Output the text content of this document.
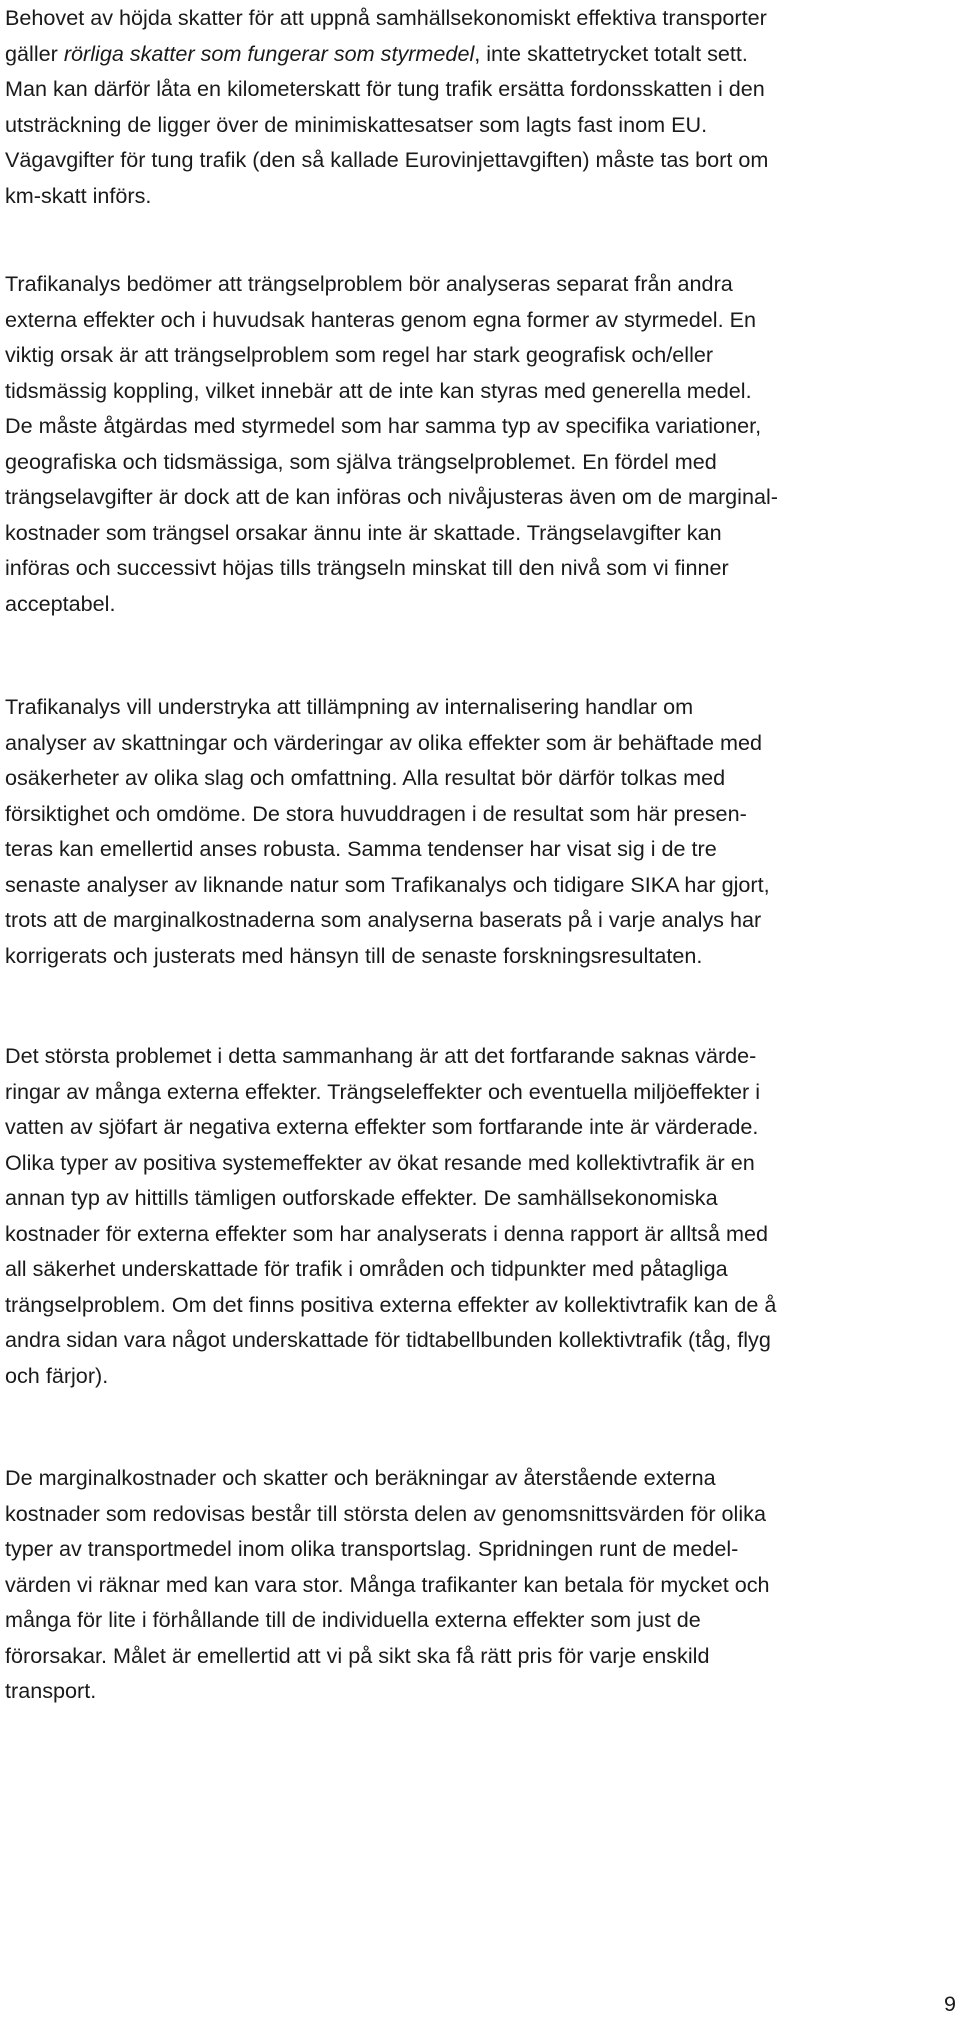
Behovet av höjda skatter för att uppnå samhällsekonomiskt effektiva transporter
gäller rörliga skatter som fungerar som styrmedel, inte skattetrycket totalt sett.
Man kan därför låta en kilometerskatt för tung trafik ersätta fordonsskatten i den
utsträckning de ligger över de minimiskattesatser som lagts fast inom EU.
Vägavgifter för tung trafik (den så kallade Eurovinjettavgiften) måste tas bort om
km-skatt införs.

Trafikanalys bedömer att trängselproblem bör analyseras separat från andra
externa effekter och i huvudsak hanteras genom egna former av styrmedel. En
viktig orsak är att trängselproblem som regel har stark geografisk och/eller
tidsmässig koppling, vilket innebär att de inte kan styras med generella medel.
De måste åtgärdas med styrmedel som har samma typ av specifika variationer,
geografiska och tidsmässiga, som själva trängselproblemet. En fördel med
trängselavgifter är dock att de kan införas och nivåjusteras även om de marginal-
kostnader som trängsel orsakar ännu inte är skattade. Trängselavgifter kan
införas och successivt höjas tills trängseln minskat till den nivå som vi finner
acceptabel.

Trafikanalys vill understryka att tillämpning av internalisering handlar om
analyser av skattningar och värderingar av olika effekter som är behäftade med
osäkerheter av olika slag och omfattning. Alla resultat bör därför tolkas med
försiktighet och omdöme. De stora huvuddragen i de resultat som här presen-
teras kan emellertid anses robusta. Samma tendenser har visat sig i de tre
senaste analyser av liknande natur som Trafikanalys och tidigare SIKA har gjort,
trots att de marginalkostnaderna som analyserna baserats på i varje analys har
korrigerats och justerats med hänsyn till de senaste forskningsresultaten.

Det största problemet i detta sammanhang är att det fortfarande saknas värde-
ringar av många externa effekter. Trängseleffekter och eventuella miljöeffekter i
vatten av sjöfart är negativa externa effekter som fortfarande inte är värderade.
Olika typer av positiva systemeffekter av ökat resande med kollektivtrafik är en
annan typ av hittills tämligen outforskade effekter. De samhällsekonomiska
kostnader för externa effekter som har analyserats i denna rapport är alltså med
all säkerhet underskattade för trafik i områden och tidpunkter med påtagliga
trängselproblem. Om det finns positiva externa effekter av kollektivtrafik kan de å
andra sidan vara något underskattade för tidtabellbunden kollektivtrafik (tåg, flyg
och färjor).

De marginalkostnader och skatter och beräkningar av återstående externa
kostnader som redovisas består till största delen av genomsnittsvärden för olika
typer av transportmedel inom olika transportslag. Spridningen runt de medel-
värden vi räknar med kan vara stor. Många trafikanter kan betala för mycket och
många för lite i förhållande till de individuella externa effekter som just de
förorsakar. Målet är emellertid att vi på sikt ska få rätt pris för varje enskild
transport.

9
